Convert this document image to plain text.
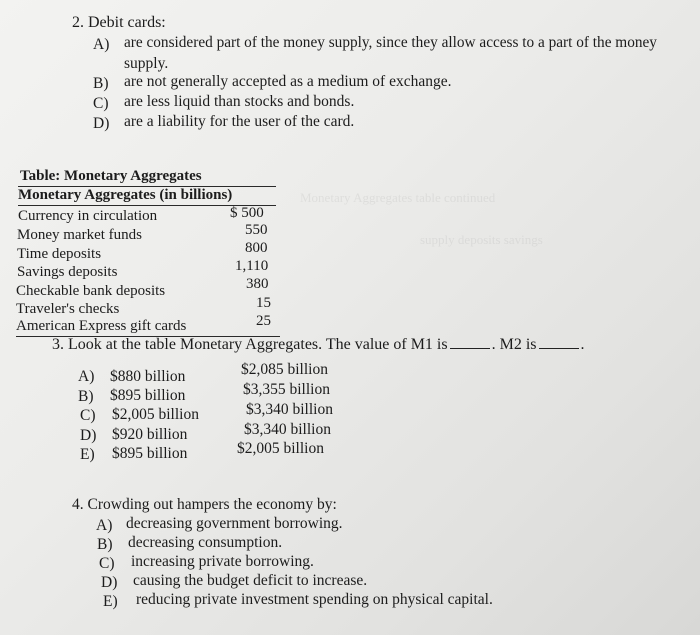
2. Debit cards:
A) are considered part of the money supply, since they allow access to a part of the money
supply.
B) are not generally accepted as a medium of exchange.
C) are less liquid than stocks and bonds.
D) are a liability for the user of the card.
Monetary Aggregates table continued
supply deposits savings
Table: Monetary Aggregates
Monetary Aggregates (in billions)
Currency in circulation	$ 500
Money market funds	550
Time deposits	800
Savings deposits	1,110
Checkable bank deposits	380
Traveler's checks	15
American Express gift cards	25
3. Look at the table Monetary Aggregates. The value of M1 is	. M2 is	.
A) $880 billion	$2,085 billion
B) $895 billion	$3,355 billion
C) $2,005 billion	$3,340 billion
D) $920 billion	$3,340 billion
E) $895 billion	$2,005 billion
4. Crowding out hampers the economy by:
A) decreasing government borrowing.
B) decreasing consumption.
C) increasing private borrowing.
D) causing the budget deficit to increase.
E) reducing private investment spending on physical capital.
